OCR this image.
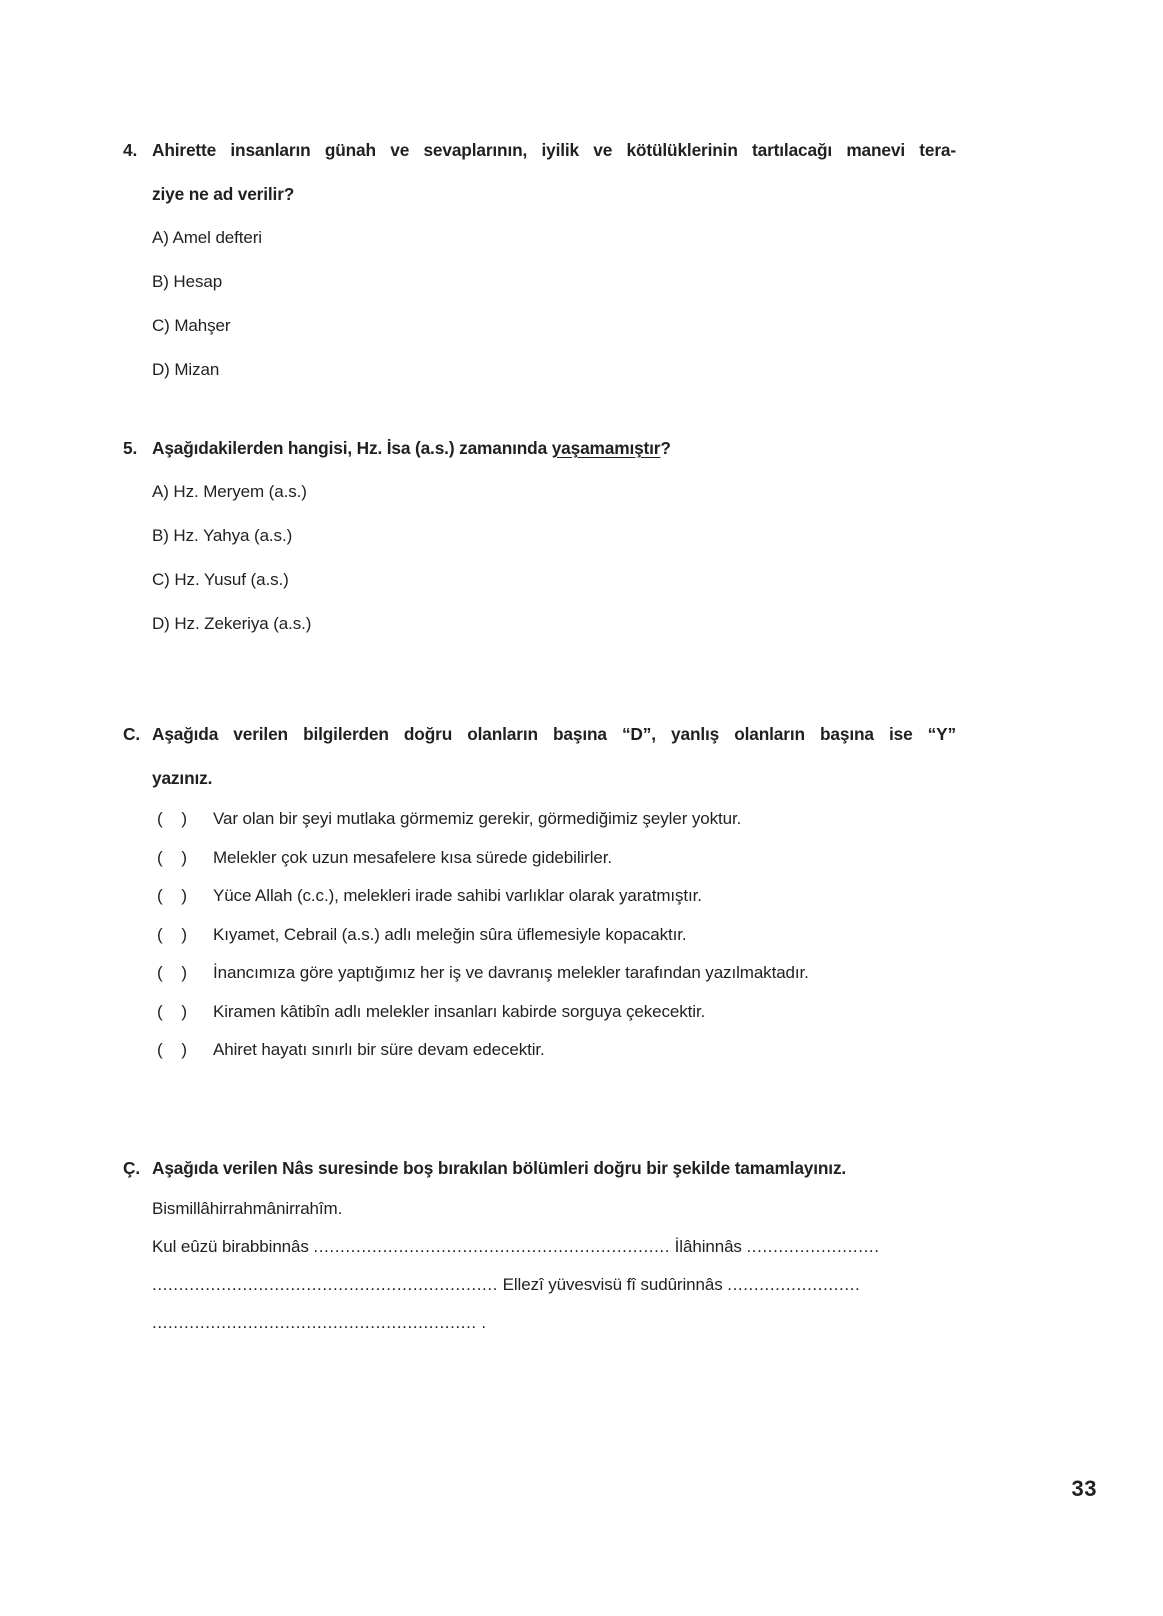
4. Ahirette insanların günah ve sevaplarının, iyilik ve kötülüklerinin tartılacağı manevi tera-
ziye ne ad verilir?
A) Amel defteri
B) Hesap
C) Mahşer
D) Mizan
5. Aşağıdakilerden hangisi, Hz. İsa (a.s.) zamanında yaşamamıştır?
A) Hz. Meryem (a.s.)
B) Hz. Yahya (a.s.)
C) Hz. Yusuf (a.s.)
D) Hz. Zekeriya (a.s.)
C. Aşağıda verilen bilgilerden doğru olanların başına “D”, yanlış olanların başına ise “Y”
yazınız.
( )	Var olan bir şeyi mutlaka görmemiz gerekir, görmediğimiz şeyler yoktur.
( )	Melekler çok uzun mesafelere kısa sürede gidebilirler.
( )	Yüce Allah (c.c.), melekleri irade sahibi varlıklar olarak yaratmıştır.
( )	Kıyamet, Cebrail (a.s.) adlı meleğin sûra üflemesiyle kopacaktır.
( )	İnancımıza göre yaptığımız her iş ve davranış melekler tarafından yazılmaktadır.
( )	Kiramen kâtibîn adlı melekler insanları kabirde sorguya çekecektir.
( )	Ahiret hayatı sınırlı bir süre devam edecektir.
Ç. Aşağıda verilen Nâs suresinde boş bırakılan bölümleri doğru bir şekilde tamamlayınız.
Bismillâhirrahmânirrahîm.
Kul eûzü birabbinnâs ................................................................... İlâhinnâs .........................
................................................................. Ellezî yüvesvisü fî sudûrinnâs .........................
............................................................. .
33
